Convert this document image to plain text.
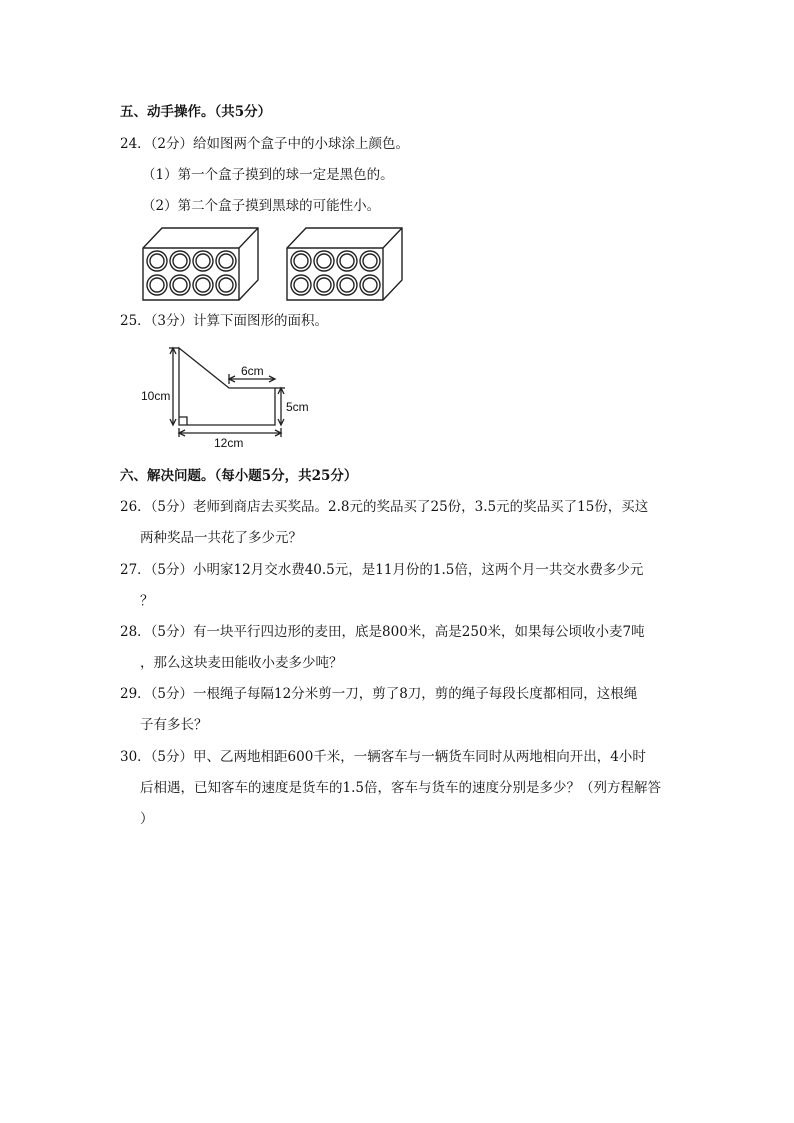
五、动手操作。（共5分）
24．（2分）给如图两个盒子中的小球涂上颜色。
（1）第一个盒子摸到的球一定是黑色的。
（2）第二个盒子摸到黑球的可能性小。
25．（3分）计算下面图形的面积。
10cm
6cm
5cm
12cm
六、解决问题。（每小题5分，共25分）
26．（5分）老师到商店去买奖品。2.8元的奖品买了25份，3.5元的奖品买了15份，买这
两种奖品一共花了多少元？
27．（5分）小明家12月交水费40.5元，是11月份的1.5倍，这两个月一共交水费多少元
？
28．（5分）有一块平行四边形的麦田，底是800米，高是250米，如果每公顷收小麦7吨
，那么这块麦田能收小麦多少吨？
29．（5分）一根绳子每隔12分米剪一刀，剪了8刀，剪的绳子每段长度都相同，这根绳
子有多长？
30．（5分）甲、乙两地相距600千米，一辆客车与一辆货车同时从两地相向开出，4小时
后相遇，已知客车的速度是货车的1.5倍，客车与货车的速度分别是多少？（列方程解答
）
